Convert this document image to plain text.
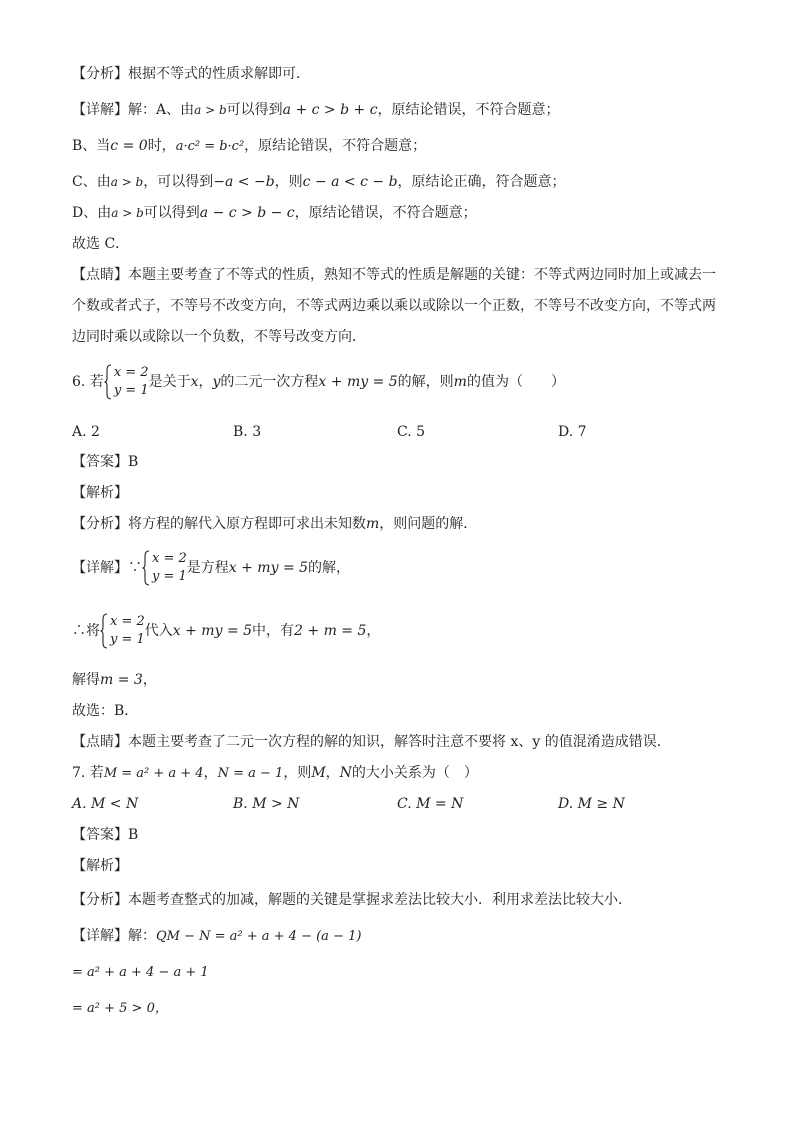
【分析】根据不等式的性质求解即可．
【详解】解：A、由a > b可以得到a + c > b + c，原结论错误，不符合题意；
B、当c = 0时，a·c² = b·c²，原结论错误，不符合题意；
C、由a > b，可以得到−a < −b，则c − a < c − b，原结论正确，符合题意；
D、由a > b可以得到a − c > b − c，原结论错误，不符合题意；
故选 C．
【点睛】本题主要考查了不等式的性质，熟知不等式的性质是解题的关键：不等式两边同时加上或减去一个数或者式子，不等号不改变方向，不等式两边乘以乘以或除以一个正数，不等号不改变方向，不等式两边同时乘以或除以一个负数，不等号改变方向．
6. 若
x = 2
y = 1
是关于x，y的二元一次方程x + my = 5的解，则m的值为（　　）
A. 2	B. 3	C. 5	D. 7
【答案】B
【解析】
【分析】将方程的解代入原方程即可求出未知数m，则问题的解．
【详解】∵
x = 2
y = 1
是方程x + my = 5的解，
∴将
x = 2
y = 1
代入x + my = 5中，有2 + m = 5，
解得m = 3，
故选：B．
【点睛】本题主要考查了二元一次方程的解的知识，解答时注意不要将 x、y 的值混淆造成错误．
7. 若M = a² + a + 4，N = a − 1，则M，N的大小关系为（　）
A. M < N	B. M > N	C. M = N	D. M ≥ N
【答案】B
【解析】
【分析】本题考查整式的加减，解题的关键是掌握求差法比较大小．利用求差法比较大小．
【详解】解：QM − N = a² + a + 4 − (a − 1)
= a² + a + 4 − a + 1
= a² + 5 > 0，
